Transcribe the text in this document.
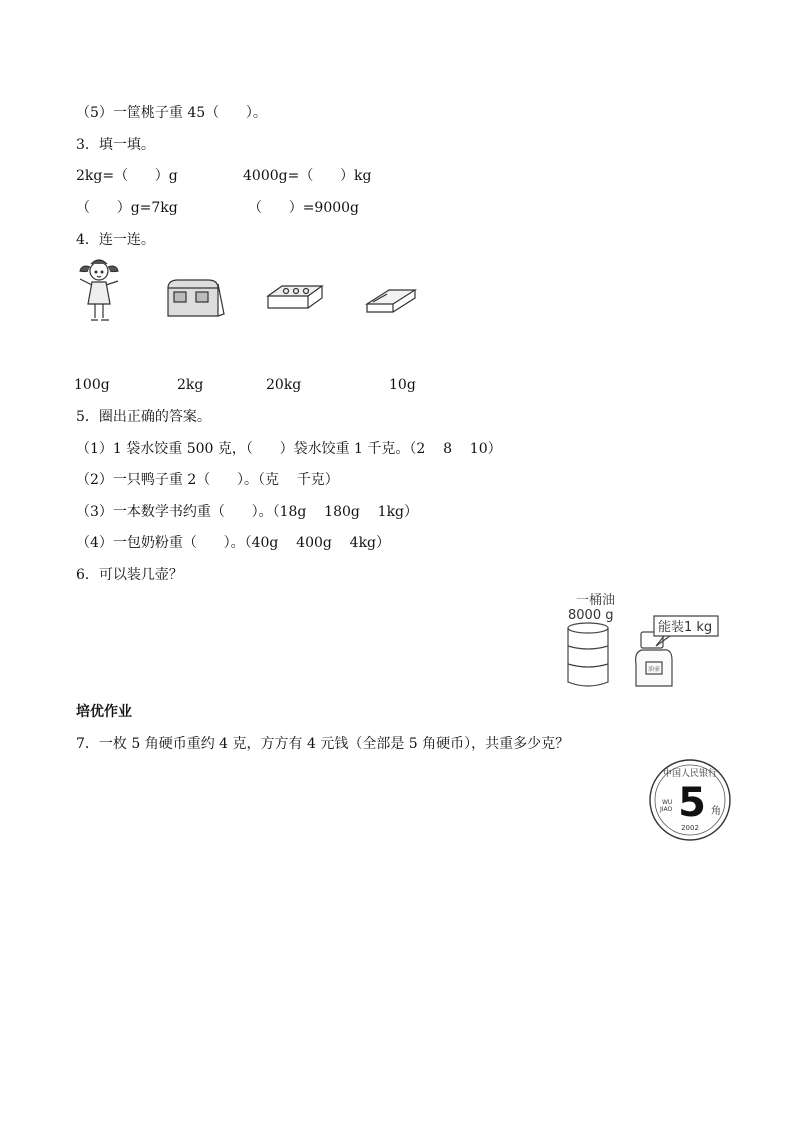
（5）一筐桃子重 45（      ）。
3．填一填。
2kg=（      ）g	4000g=（      ）kg
（      ）g=7kg	（      ）=9000g
4．连一连。
100g	2kg	20kg	10g
5．圈出正确的答案。
（1）1 袋水饺重 500 克，（      ）袋水饺重 1 千克。（2    8    10）
（2）一只鸭子重 2（      ）。（克    千克）
（3）一本数学书约重（      ）。（18g    180g    1kg）
（4）一包奶粉重（      ）。（40g    400g    4kg）
6．可以装几壶？
一桶油
8000 g
能装1 kg
油壶
培优作业
7．一枚 5 角硬币重约 4 克，方方有 4 元钱（全部是 5 角硬币），共重多少克？
中国人民银行
5 角
WU
JIAO
2002
